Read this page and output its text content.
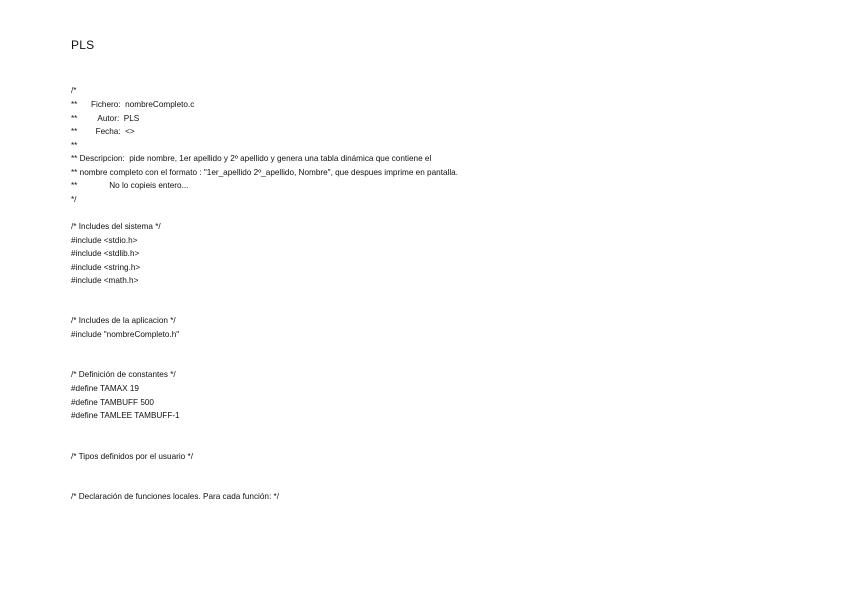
PLS
/*
**      Fichero:  nombreCompleto.c
**         Autor:  PLS
**        Fecha:  <>
**
** Descripcion:  pide nombre, 1er apellido y 2º apellido y genera una tabla dinámica que contiene el
** nombre completo con el formato : "1er_apellido 2º_apellido, Nombre", que despues imprime en pantalla.
**              No lo copieis entero...
*/
/* Includes del sistema */
#include <stdio.h>
#include <stdlib.h>
#include <string.h>
#include <math.h>
/* Includes de la aplicacion */
#include "nombreCompleto.h"
/* Definición de constantes */
#define TAMAX 19
#define TAMBUFF 500
#define TAMLEE TAMBUFF-1
/* Tipos definidos por el usuario */
/* Declaración de funciones locales. Para cada función: */
